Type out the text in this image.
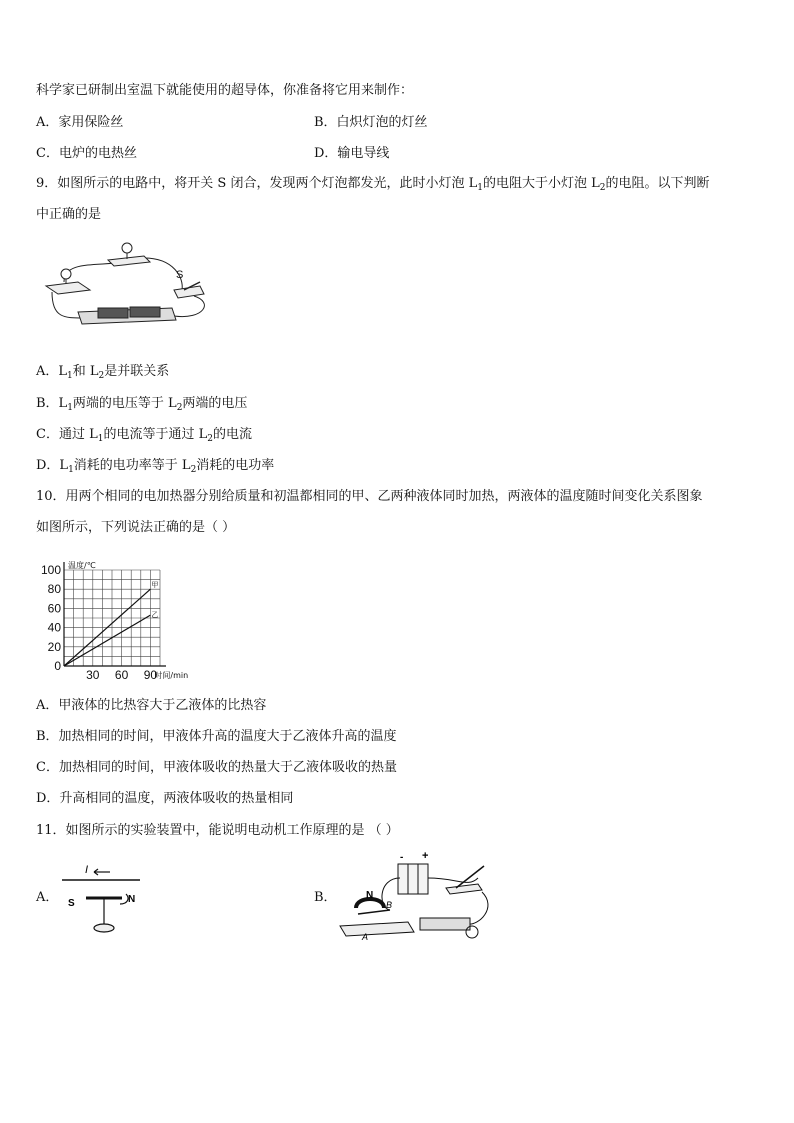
科学家已研制出室温下就能使用的超导体，你准备将它用来制作：
A．家用保险丝	B．白炽灯泡的灯丝
C．电炉的电热丝	D．输电导线
9．如图所示的电路中，将开关 S 闭合，发现两个灯泡都发光，此时小灯泡 $L_1$的电阻大于小灯泡 $L_2$的电阻。以下判断
中正确的是
S
A．$L_1$和 $L_2$是并联关系
B．$L_1$两端的电压等于 $L_2$两端的电压
C．通过 $L_1$的电流等于通过 $L_2$的电流
D．$L_1$消耗的电功率等于 $L_2$消耗的电功率
10．用两个相同的电加热器分别给质量和初温都相同的甲、乙两种液体同时加热，两液体的温度随时间变化关系图象
如图所示，下列说法正确的是（ ）
0
20
40
60
80
100
30 60 90
温度/℃
时间/min
甲
乙
A．甲液体的比热容大于乙液体的比热容
B．加热相同的时间，甲液体升高的温度大于乙液体升高的温度
C．加热相同的时间，甲液体吸收的热量大于乙液体吸收的热量
D．升高相同的温度，两液体吸收的热量相同
11．如图所示的实验装置中，能说明电动机工作原理的是 （ ）
A．	B．
I
S	N
- +
N
B
A
